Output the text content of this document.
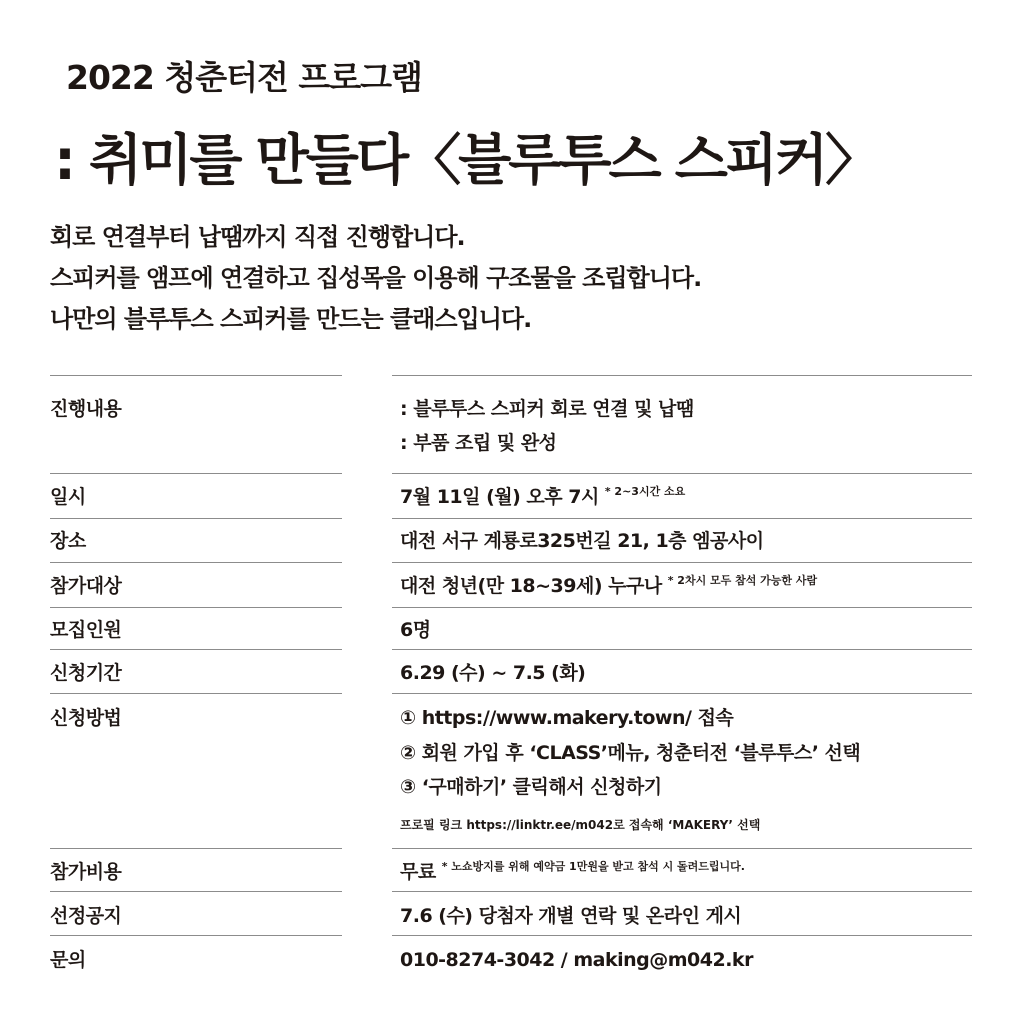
2022 청춘터전 프로그램
: 취미를 만들다〈블루투스 스피커〉
회로 연결부터 납땜까지 직접 진행합니다.
스피커를 앰프에 연결하고 집성목을 이용해 구조물을 조립합니다.
나만의 블루투스 스피커를 만드는 클래스입니다.
진행내용	: 블루투스 스피커 회로 연결 및 납땜
: 부품 조립 및 완성
일시	7월 11일 (월) 오후 7시 $^{* 2\sim 3시간 소요}$
장소	대전 서구 계룡로325번길 21, 1층 엠공사이
참가대상	대전 청년(만 18~39세) 누구나 $^{* 2차시 모두 참석 가능한 사람}$
모집인원	6명
신청기간	6.29 (수) ~ 7.5 (화)
신청방법	① https://www.makery.town/ 접속
② 회원 가입 후 ‘CLASS’메뉴, 청춘터전 ‘블루투스’ 선택
③ ‘구매하기’ 클릭해서 신청하기
프로필 링크 https://linktr.ee/m042로 접속해 ‘MAKERY’ 선택
참가비용	무료 $^{* 노쇼방지를 위해 예약금 1만원을 받고 참석 시 돌려드립니다.}$
선정공지	7.6 (수) 당첨자 개별 연락 및 온라인 게시
문의	010-8274-3042 / making@m042.kr
